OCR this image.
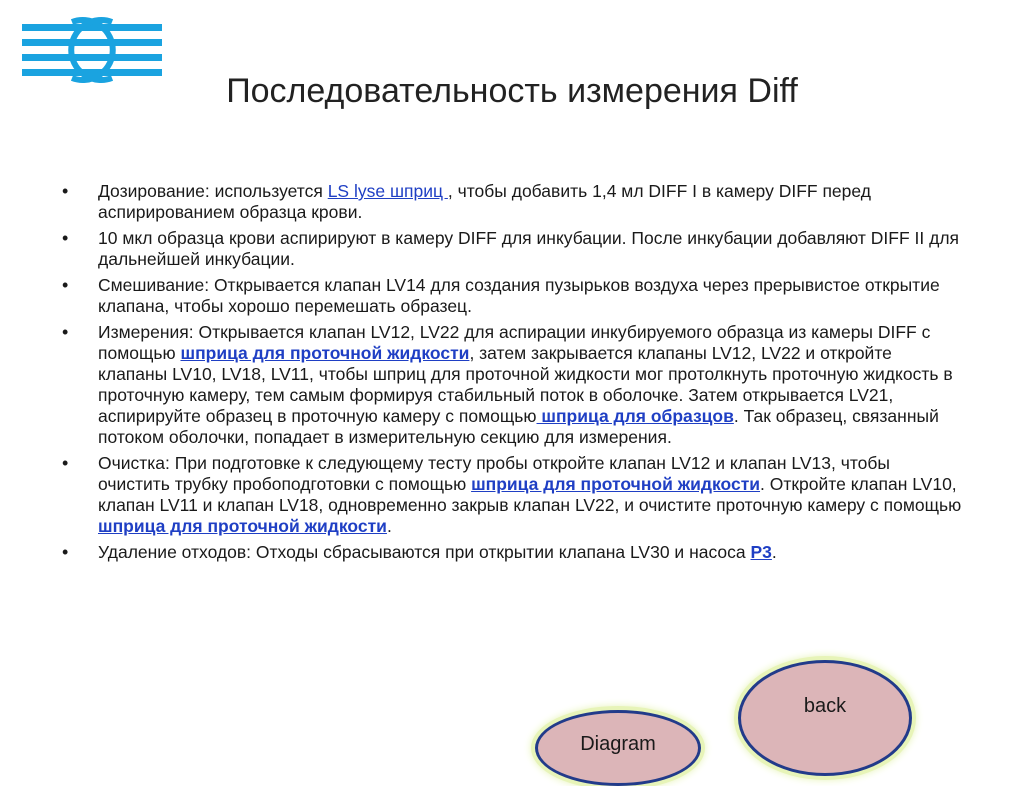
Последовательность измерения Diff
• Дозирование: используется LS lyse шприц , чтобы добавить 1,4 мл DIFF I в камеру DIFF перед аспирированием образца крови.
• 10 мкл образца крови аспирируют в камеру DIFF для инкубации. После инкубации добавляют DIFF II для дальнейшей инкубации.
• Смешивание: Открывается клапан LV14 для создания пузырьков воздуха через прерывистое открытие клапана, чтобы хорошо перемешать образец.
• Измерения: Открывается клапан LV12, LV22 для аспирации инкубируемого образца из камеры DIFF с помощью шприца для проточной жидкости, затем закрывается клапаны LV12, LV22 и откройте клапаны LV10, LV18, LV11, чтобы шприц для проточной жидкости мог протолкнуть проточную жидкость в проточную камеру, тем самым формируя стабильный поток в оболочке. Затем открывается LV21, аспирируйте образец в проточную камеру с помощью шприца для образцов. Так образец, связанный потоком оболочки, попадает в измерительную секцию для измерения.
• Очистка: При подготовке к следующему тесту пробы откройте клапан LV12 и клапан LV13, чтобы очистить трубку пробоподготовки с помощью шприца для проточной жидкости. Откройте клапан LV10, клапан LV11 и клапан LV18, одновременно закрыв клапан LV22, и очистите проточную камеру с помощью шприца для проточной жидкости.
• Удаление отходов: Отходы сбрасываются при открытии клапана LV30 и насоса P3.
back
Diagram
